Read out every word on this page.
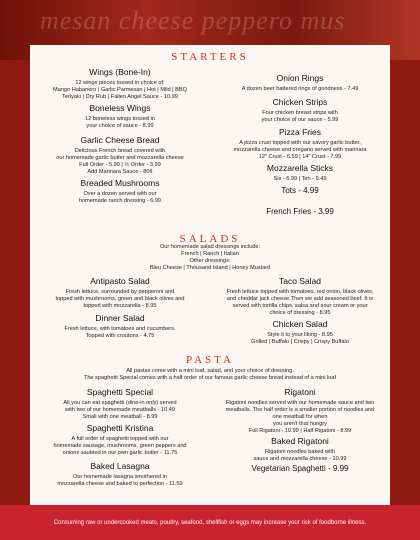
mesan cheese peppero mus
STARTERS
Wings (Bone-In)
12 wings pieces tossed in choice of:
Mango Habanero | Garlic Parmesan | Hot | Mild | BBQ
Teriyaki | Dry Rub | Fallen Angel Sauce - 10.99
Boneless Wings
12 boneless wings tossed in
your choice of sauce - 8.99
Garlic Cheese Bread
Delicious French bread covered with
our homemade garlic butter and mozzarella cheese
Full Order - 5.99 | ½ Order - 3.99
Add Marinara Sauce - 80¢
Breaded Mushrooms
Over a dozen served with our
homemade ranch dressing - 6.99
Onion Rings
A dozen beer battered rings of goodness - 7.49
Chicken Strips
Four chicken breast strips with
your choice of our sauce - 5.99
Pizza Fries
A pizza crust topped with our savory garlic butter,
mozzarella cheese and oregano served with marinara
12" Crust - 6.59 | 14" Crust - 7.99
Mozzarella Sticks
Six - 6.99 | Ten - 9.49
Tots - 4.99
French Fries - 3.99
SALADS
Our homemade salad dressings include:
French | Ranch | Italian
Other dressings:
Bleu Cheese | Thousand Island | Honey Mustard
Antipasto Salad
Fresh lettuce, surrounded by pepperoni and
topped with mushrooms, green and black olives and
topped with mozzarella - 8.95
Dinner Salad
Fresh lettuce, with tomatoes and cucumbers.
Topped with croutons - 4.75
Taco Salad
Fresh lettuce topped with tomatoes, red onion, black olives,
and cheddar jack cheese.Then we add seasoned beef. It is
served with tortilla chips, salsa and sour cream or your
choice of dressing - 8.95
Chicken Salad
Style it to your liking - 8.95
Grilled | Buffalo | Crispy | Crispy Buffalo
PASTA
All pastas come with a mini loaf, salad, and your choice of dressing.
The spaghetti Special comes with a half order of our famous garlic cheese bread instead of a mini loaf
Spaghetti Special
All you can eat spaghetti (dine-in only) served
with two of our homemade meatballs - 10.49
Small with one meatball - 8.99
Spaghetti Kristina
A full order of spaghetti topped with our
homemade sausage, mushrooms, green peppers and
onions sautéed in our own garlic butter - 11.75
Baked Lasagna
Our homemade lasagna smothered in
mozzarella cheese and baked to perfection - 11.59
Rigatoni
Rigatoni noodles served with our homemade sauce and two
meatballs. The half order is a smaller portion of noodles and
one meatball for when
you aren't that hungry
Full Rigatoni - 10.99 | Half Rigatoni - 8.99
Baked Rigatoni
Rigatoni noodles baked with
sauce and mozzarella cheese - 10.99
Vegetarian Spaghetti - 9.99
Consuming raw or undercooked meats, poultry, seafood, shellfish or eggs may increase your risk of foodborne illness.
